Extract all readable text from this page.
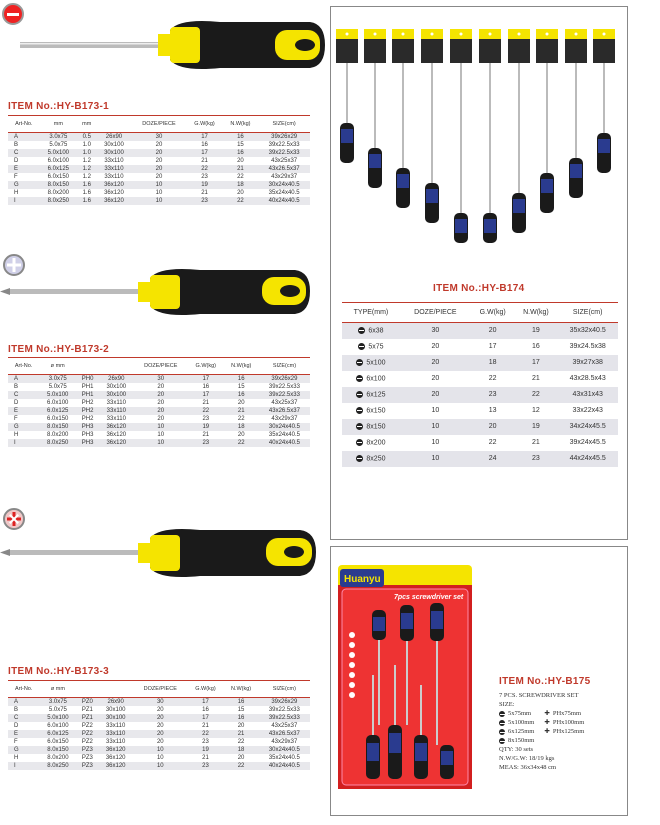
ITEM No.:HY-B173-1
Art-No.	mm	mm		DOZE/PIECE	G.W(kg)	N.W(kg)	SIZE(cm)
A	3.0x75	0.5	26x90	30	17	16	39x26x29
B	5.0x75	1.0	30x100	20	16	15	39x22.5x33
C	5.0x100	1.0	30x100	20	17	16	39x22.5x33
D	6.0x100	1.2	33x110	20	21	20	43x25x37
E	6.0x125	1.2	33x110	20	22	21	43x26.5x37
F	6.0x150	1.2	33x110	20	23	22	43x29x37
G	8.0x150	1.6	36x120	10	19	18	30x24x40.5
H	8.0x200	1.6	36x120	10	21	20	35x24x40.5
I	8.0x250	1.6	36x120	10	23	22	40x24x40.5
ITEM No.:HY-B173-2
Art-No.	ø mm			DOZE/PIECE	G.W(kg)	N.W(kg)	SIZE(cm)
A	3.0x75	PH0	26x90	30	17	16	39x26x29
B	5.0x75	PH1	30x100	20	16	15	39x22.5x33
C	5.0x100	PH1	30x100	20	17	16	39x22.5x33
D	6.0x100	PH2	33x110	20	21	20	43x25x37
E	6.0x125	PH2	33x110	20	22	21	43x26.5x37
F	6.0x150	PH2	33x110	20	23	22	43x29x37
G	8.0x150	PH3	36x120	10	19	18	30x24x40.5
H	8.0x200	PH3	36x120	10	21	20	35x24x40.5
I	8.0x250	PH3	36x120	10	23	22	40x24x40.5
ITEM No.:HY-B173-3
Art-No.	ø mm			DOZE/PIECE	G.W(kg)	N.W(kg)	SIZE(cm)
A	3.0x75	PZ0	26x90	30	17	16	39x26x29
B	5.0x75	PZ1	30x100	20	16	15	39x22.5x33
C	5.0x100	PZ1	30x100	20	17	16	39x22.5x33
D	6.0x100	PZ2	33x110	20	21	20	43x25x37
E	6.0x125	PZ2	33x110	20	22	21	43x26.5x37
F	6.0x150	PZ2	33x110	20	23	22	43x29x37
G	8.0x150	PZ3	36x120	10	19	18	30x24x40.5
H	8.0x200	PZ3	36x120	10	21	20	35x24x40.5
I	8.0x250	PZ3	36x120	10	23	22	40x24x40.5
ITEM No.:HY-B174
TYPE(mm)	DOZE/PIECE	G.W(kg)	N.W(kg)	SIZE(cm)
6x38	30	20	19	35x32x40.5
5x75	20	17	16	39x24.5x38
5x100	20	18	17	39x27x38
6x100	20	22	21	43x28.5x43
6x125	20	23	22	43x31x43
6x150	10	13	12	33x22x43
8x150	10	20	19	34x24x45.5
8x200	10	22	21	39x24x45.5
8x250	10	24	23	44x24x45.5
Huanyu
7pcs screwdriver set
ITEM No.:HY-B175
7 PCS. SCREWDRIVER SET
SIZE:
5x75mm
5x100mm
6x125mm
8x150mm
✚ PHx75mm
✚ PHx100mm
✚ PHx125mm
QTY: 30 sets
N.W/G.W: 18/19 kgs
MEAS: 36x34x48 cm
